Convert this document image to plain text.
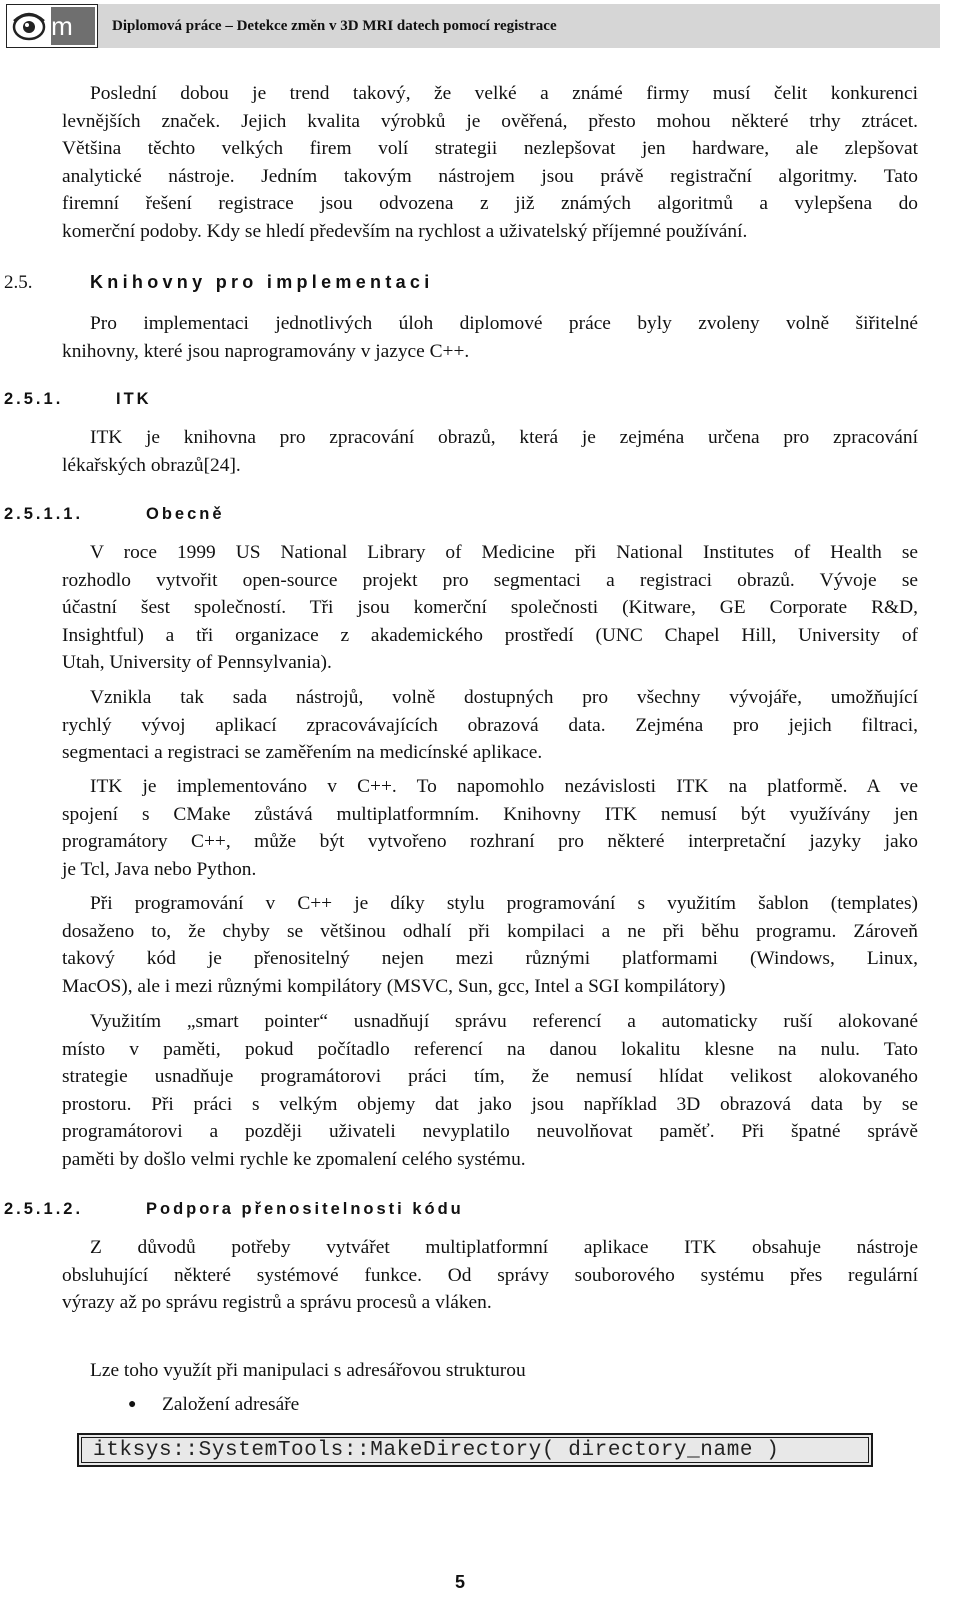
m p
Diplomová práce – Detekce změn v 3D MRI datech pomocí registrace
Poslední dobou je trend takový, že velké a známé firmy musí čelit konkurenci
levnějších značek. Jejich kvalita výrobků je ověřená, přesto mohou některé trhy ztrácet.
Většina těchto velkých firem volí strategii nezlepšovat jen hardware, ale zlepšovat
analytické nástroje. Jedním takovým nástrojem jsou právě registrační algoritmy. Tato
firemní řešení registrace jsou odvozena z již známých algoritmů a vylepšena do
komerční podoby. Kdy se hledí především na rychlost a uživatelský příjemné používání.
2.5.	Knihovny pro implementaci
Pro implementaci jednotlivých úloh diplomové práce byly zvoleny volně šiřitelné
knihovny, které jsou naprogramovány v jazyce C++.
2.5.1.	ITK
ITK je knihovna pro zpracování obrazů, která je zejména určena pro zpracování
lékařských obrazů[24].
2.5.1.1.	Obecně
V roce 1999 US National Library of Medicine při National Institutes of Health se
rozhodlo vytvořit open-source projekt pro segmentaci a registraci obrazů. Vývoje se
účastní šest společností. Tři jsou komerční společnosti (Kitware, GE Corporate R&D,
Insightful) a tři organizace z akademického prostředí (UNC Chapel Hill, University of
Utah, University of Pennsylvania).
Vznikla tak sada nástrojů, volně dostupných pro všechny vývojáře, umožňující
rychlý vývoj aplikací zpracovávajících obrazová data. Zejména pro jejich filtraci,
segmentaci a registraci se zaměřením na medicínské aplikace.
ITK je implementováno v C++. To napomohlo nezávislosti ITK na platformě. A ve
spojení s CMake zůstává multiplatformním. Knihovny ITK nemusí být využívány jen
programátory C++, může být vytvořeno rozhraní pro některé interpretační jazyky jako
je Tcl, Java nebo Python.
Při programování v C++ je díky stylu programování s využitím šablon (templates)
dosaženo to, že chyby se většinou odhalí při kompilaci a ne při běhu programu. Zároveň
takový kód je přenositelný nejen mezi různými platformami (Windows, Linux,
MacOS), ale i mezi různými kompilátory (MSVC, Sun, gcc, Intel a SGI kompilátory)
Využitím „smart pointer“ usnadňují správu referencí a automaticky ruší alokované
místo v paměti, pokud počítadlo referencí na danou lokalitu klesne na nulu. Tato
strategie usnadňuje programátorovi práci tím, že nemusí hlídat velikost alokovaného
prostoru. Při práci s velkým objemy dat jako jsou například 3D obrazová data by se
programátorovi a později uživateli nevyplatilo neuvolňovat paměť. Při špatné správě
paměti by došlo velmi rychle ke zpomalení celého systému.
2.5.1.2.	Podpora přenositelnosti kódu
Z důvodů potřeby vytvářet multiplatformní aplikace ITK obsahuje nástroje
obsluhující některé systémové funkce. Od správy souborového systému přes regulární
výrazy až po správu registrů a správu procesů a vláken.
Lze toho využít při manipulaci s adresářovou strukturou
● Založení adresáře
itksys::SystemTools::MakeDirectory( directory_name )
5
